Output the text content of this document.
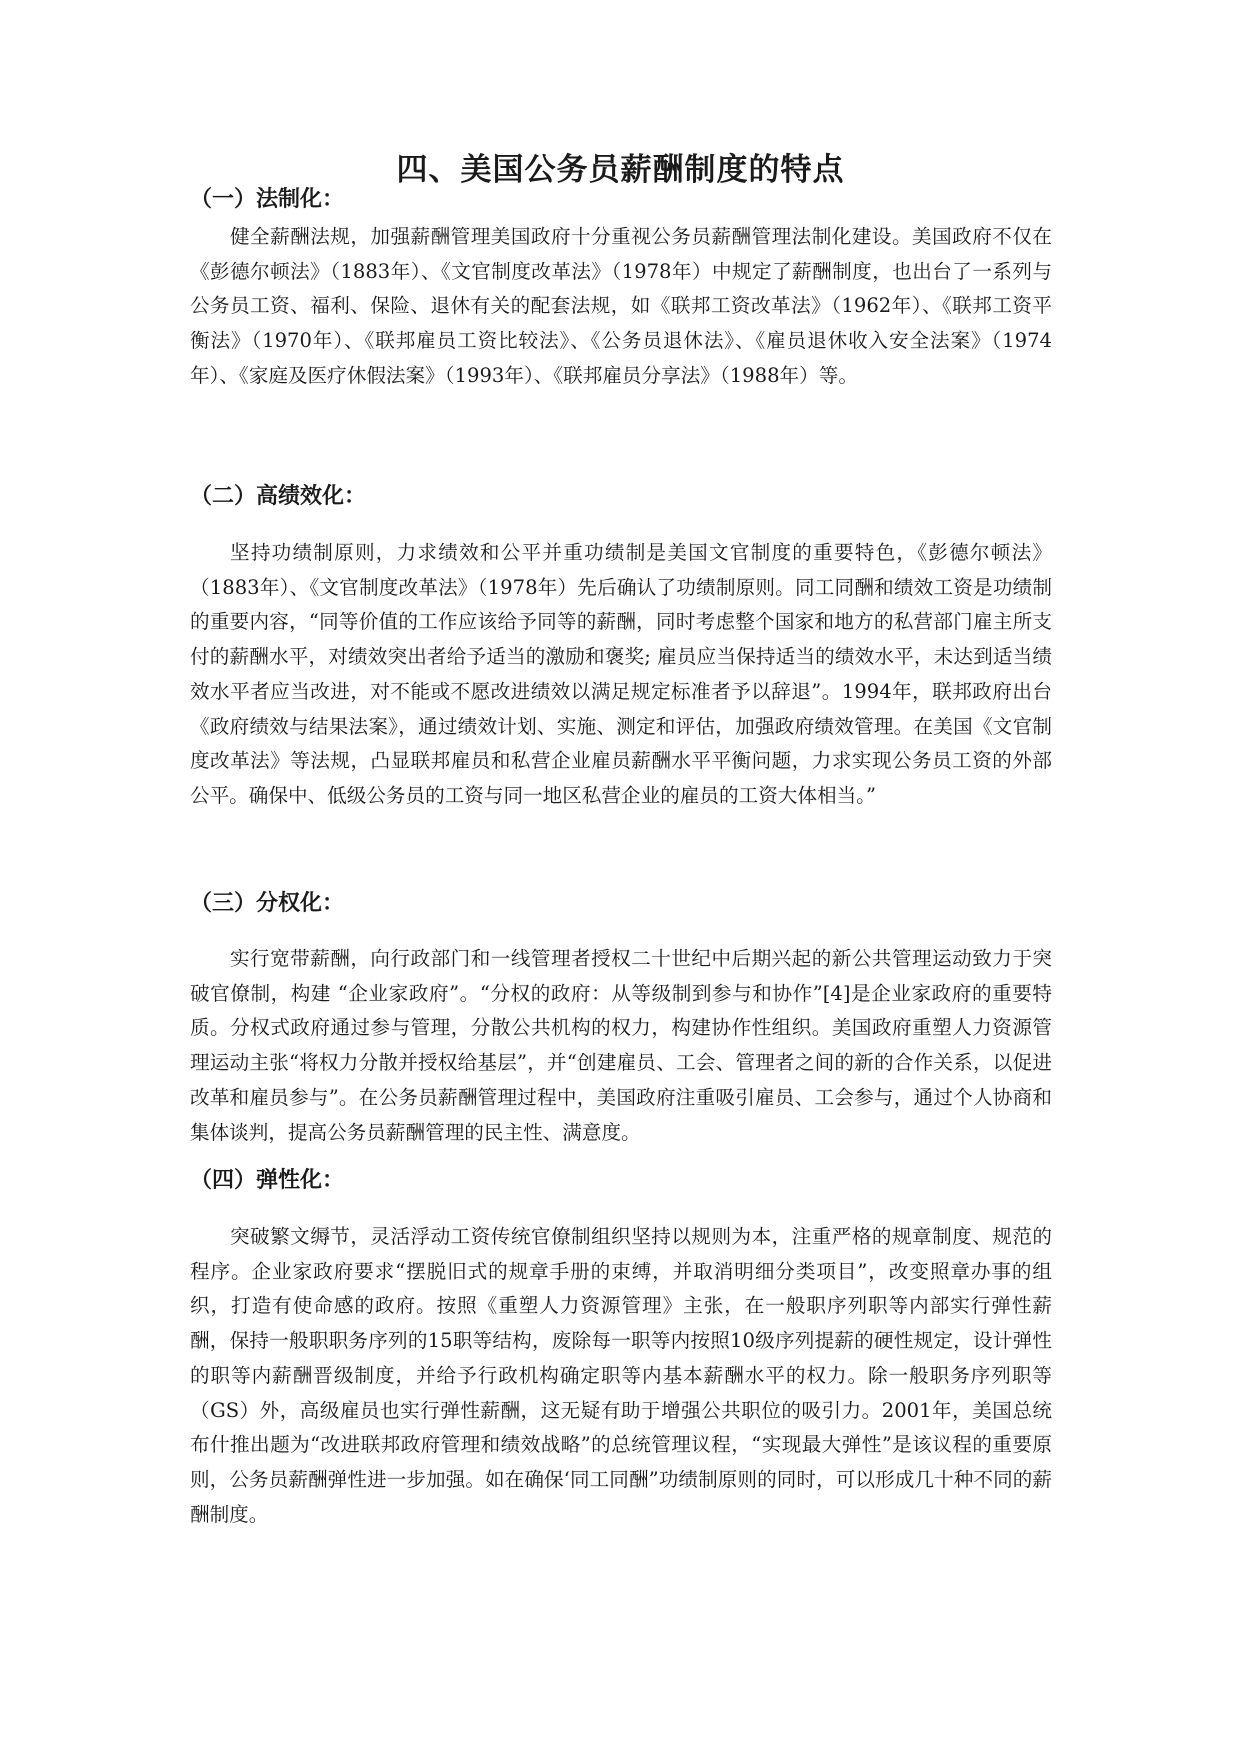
四、美国公务员薪酬制度的特点
（一）法制化：

健全薪酬法规，加强薪酬管理美国政府十分重视公务员薪酬管理法制化建设。美国政府不仅在《彭德尔顿法》（1883年）、《文官制度改革法》（1978年）中规定了薪酬制度，也出台了一系列与公务员工资、福利、保险、退休有关的配套法规，如《联邦工资改革法》（1962年）、《联邦工资平衡法》（1970年）、《联邦雇员工资比较法》、《公务员退休法》、《雇员退休收入安全法案》（1974年）、《家庭及医疗休假法案》（1993年）、《联邦雇员分享法》（1988年）等。

（二）高绩效化：

坚持功绩制原则，力求绩效和公平并重功绩制是美国文官制度的重要特色，《彭德尔顿法》（1883年）、《文官制度改革法》（1978年）先后确认了功绩制原则。同工同酬和绩效工资是功绩制的重要内容，“同等价值的工作应该给予同等的薪酬，同时考虑整个国家和地方的私营部门雇主所支付的薪酬水平，对绩效突出者给予适当的激励和褒奖; 雇员应当保持适当的绩效水平，未达到适当绩效水平者应当改进，对不能或不愿改进绩效以满足规定标准者予以辞退”。1994年，联邦政府出台《政府绩效与结果法案》，通过绩效计划、实施、测定和评估，加强政府绩效管理。在美国《文官制度改革法》等法规，凸显联邦雇员和私营企业雇员薪酬水平平衡问题，力求实现公务员工资的外部公平。确保中、低级公务员的工资与同一地区私营企业的雇员的工资大体相当。”

（三）分权化：

实行宽带薪酬，向行政部门和一线管理者授权二十世纪中后期兴起的新公共管理运动致力于突破官僚制，构建 “企业家政府”。“分权的政府：从等级制到参与和协作”[4]是企业家政府的重要特质。分权式政府通过参与管理，分散公共机构的权力，构建协作性组织。美国政府重塑人力资源管理运动主张“将权力分散并授权给基层”，并“创建雇员、工会、管理者之间的新的合作关系，以促进改革和雇员参与”。在公务员薪酬管理过程中，美国政府注重吸引雇员、工会参与，通过个人协商和集体谈判，提高公务员薪酬管理的民主性、满意度。

（四）弹性化：

突破繁文缛节，灵活浮动工资传统官僚制组织坚持以规则为本，注重严格的规章制度、规范的程序。企业家政府要求“摆脱旧式的规章手册的束缚，并取消明细分类项目”，改变照章办事的组织，打造有使命感的政府。按照《重塑人力资源管理》主张，在一般职序列职等内部实行弹性薪酬，保持一般职职务序列的15职等结构，废除每一职等内按照10级序列提薪的硬性规定，设计弹性的职等内薪酬晋级制度，并给予行政机构确定职等内基本薪酬水平的权力。除一般职务序列职等（GS）外，高级雇员也实行弹性薪酬，这无疑有助于增强公共职位的吸引力。2001年，美国总统布什推出题为“改进联邦政府管理和绩效战略”的总统管理议程，“实现最大弹性”是该议程的重要原则，公务员薪酬弹性进一步加强。如在确保‘同工同酬”功绩制原则的同时，可以形成几十种不同的薪酬制度。
